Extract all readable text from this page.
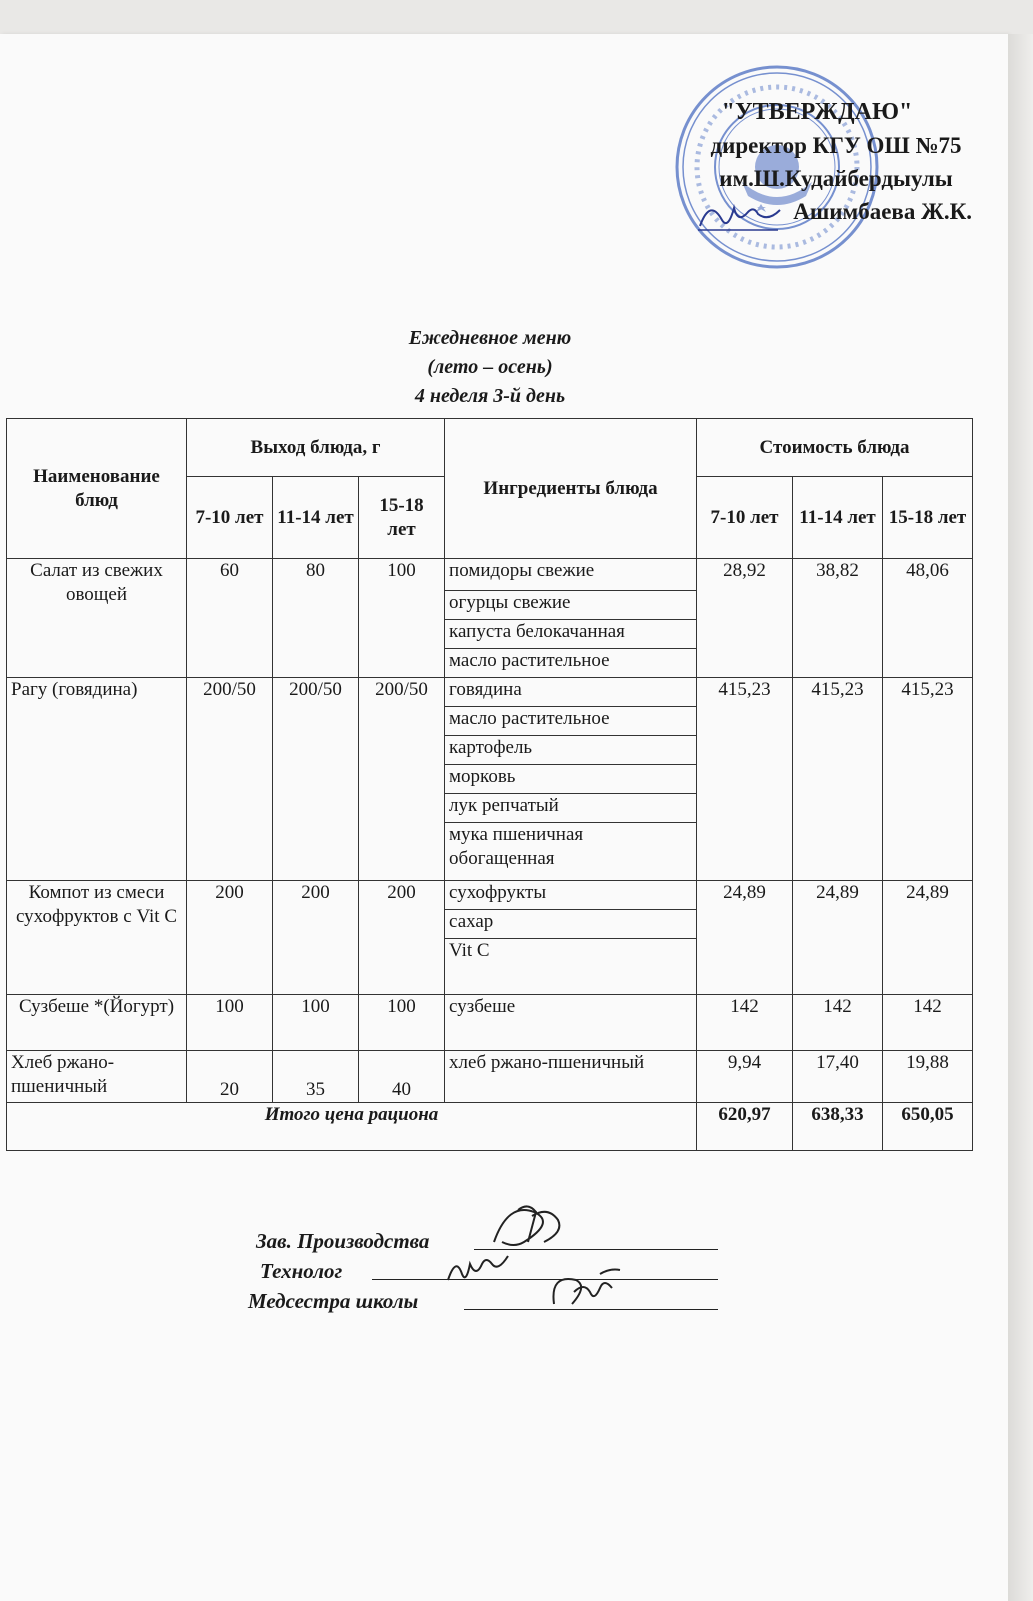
"УТВЕРЖДАЮ"
директор КГУ ОШ №75
им.Ш.Кудайбердыулы
Ашимбаева Ж.К.
Ежедневное меню
(лето – осень)
4 неделя 3-й день
Наименование блюд	Выход блюда, г			Ингредиенты блюда	Стоимость блюда		
	7-10 лет	11-14 лет	15-18 лет		7-10 лет	11-14 лет	15-18 лет
Салат из свежих овощей	60	80	100	помидоры свежие	28,92	38,82	48,06
				огурцы свежие			
				капуста белокачанная			
				масло растительное			
Рагу (говядина)	200/50	200/50	200/50	говядина	415,23	415,23	415,23
				масло растительное			
				картофель			
				морковь			
				лук репчатый			
				мука пшеничная обогащенная			
Компот из смеси сухофруктов с Vit C	200	200	200	сухофрукты	24,89	24,89	24,89
				сахар			
				Vit C			
Сузбеше *(Йогурт)	100	100	100	сузбеше	142	142	142
Хлеб ржано-пшеничный	20	35	40	хлеб ржано-пшеничный	9,94	17,40	19,88
Итого цена рациона					620,97	638,33	650,05
Зав. Производства
Технолог
Медсестра школы
